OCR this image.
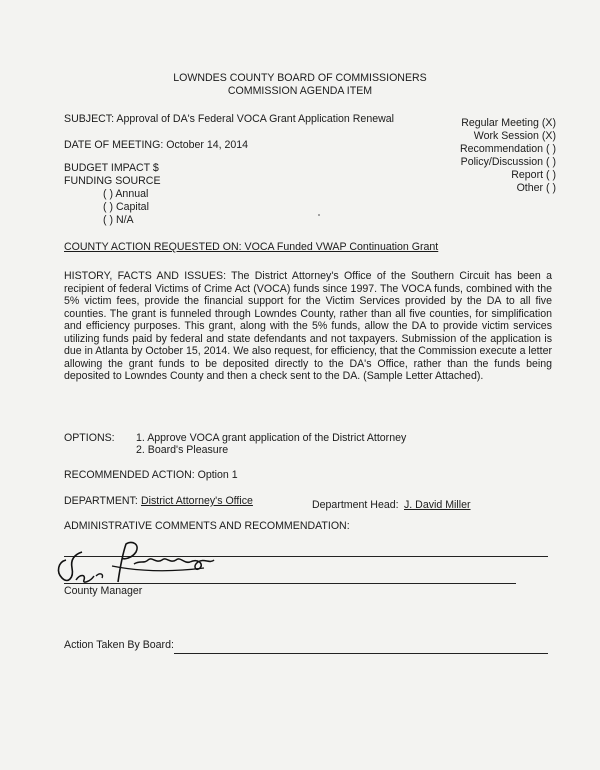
LOWNDES COUNTY BOARD OF COMMISSIONERS
COMMISSION AGENDA ITEM
SUBJECT: Approval of DA's Federal VOCA Grant Application Renewal
DATE OF MEETING: October 14, 2014
Regular Meeting (X)
Work Session (X)
Recommendation ( )
Policy/Discussion ( )
Report ( )
Other ( )
BUDGET IMPACT $
FUNDING SOURCE
( ) Annual
( ) Capital
( ) N/A
COUNTY ACTION REQUESTED ON: VOCA Funded VWAP Continuation Grant
HISTORY, FACTS AND ISSUES: The District Attorney's Office of the Southern Circuit has been a recipient of federal Victims of Crime Act (VOCA) funds since 1997. The VOCA funds, combined with the 5% victim fees, provide the financial support for the Victim Services provided by the DA to all five counties. The grant is funneled through Lowndes County, rather than all five counties, for simplification and efficiency purposes. This grant, along with the 5% funds, allow the DA to provide victim services utilizing funds paid by federal and state defendants and not taxpayers. Submission of the application is due in Atlanta by October 15, 2014. We also request, for efficiency, that the Commission execute a letter allowing the grant funds to be deposited directly to the DA's Office, rather than the funds being deposited to Lowndes County and then a check sent to the DA. (Sample Letter Attached).
OPTIONS: 1. Approve VOCA grant application of the District Attorney
2. Board's Pleasure
RECOMMENDED ACTION: Option 1
DEPARTMENT: District Attorney's Office	Department Head: J. David Miller
ADMINISTRATIVE COMMENTS AND RECOMMENDATION:
County Manager
Action Taken By Board:
